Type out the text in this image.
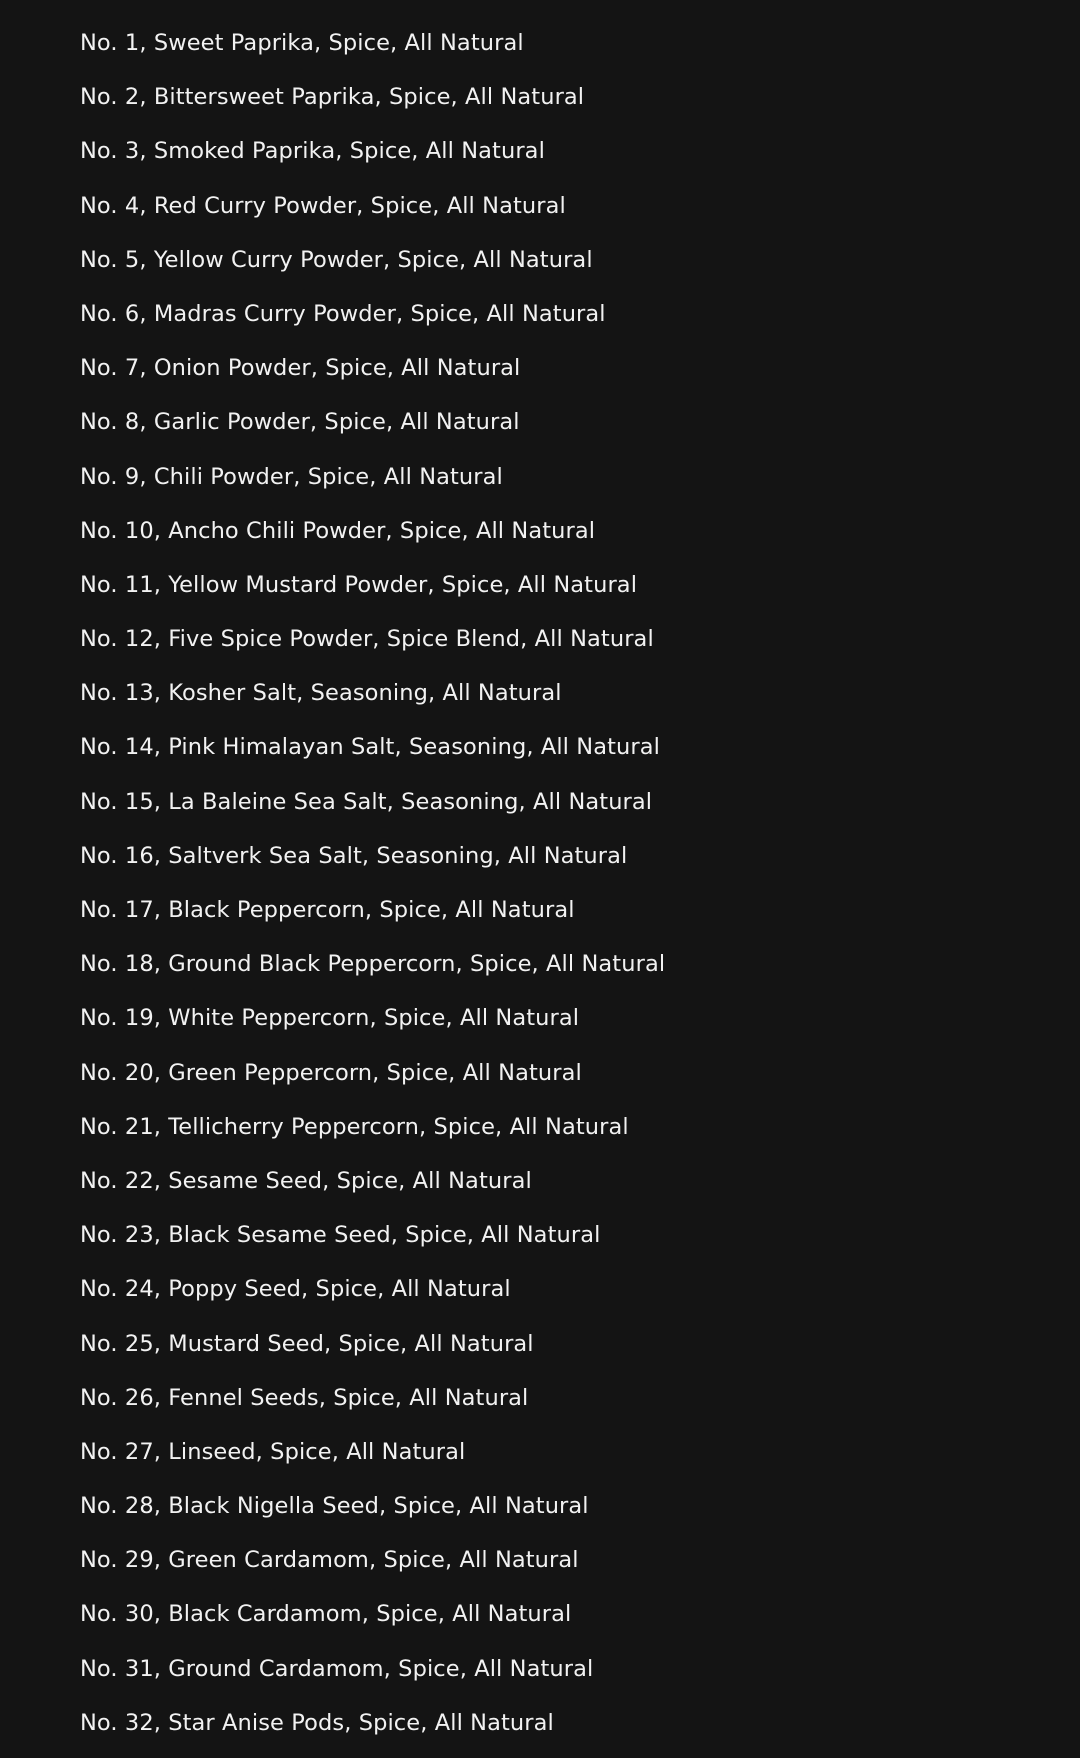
No. 1, Sweet Paprika, Spice, All Natural
No. 2, Bittersweet Paprika, Spice, All Natural
No. 3, Smoked Paprika, Spice, All Natural
No. 4, Red Curry Powder, Spice, All Natural
No. 5, Yellow Curry Powder, Spice, All Natural
No. 6, Madras Curry Powder, Spice, All Natural
No. 7, Onion Powder, Spice, All Natural
No. 8, Garlic Powder, Spice, All Natural
No. 9, Chili Powder, Spice, All Natural
No. 10, Ancho Chili Powder, Spice, All Natural
No. 11, Yellow Mustard Powder, Spice, All Natural
No. 12, Five Spice Powder, Spice Blend, All Natural
No. 13, Kosher Salt, Seasoning, All Natural
No. 14, Pink Himalayan Salt, Seasoning, All Natural
No. 15, La Baleine Sea Salt, Seasoning, All Natural
No. 16, Saltverk Sea Salt, Seasoning, All Natural
No. 17, Black Peppercorn, Spice, All Natural
No. 18, Ground Black Peppercorn, Spice, All Natural
No. 19, White Peppercorn, Spice, All Natural
No. 20, Green Peppercorn, Spice, All Natural
No. 21, Tellicherry Peppercorn, Spice, All Natural
No. 22, Sesame Seed, Spice, All Natural
No. 23, Black Sesame Seed, Spice, All Natural
No. 24, Poppy Seed, Spice, All Natural
No. 25, Mustard Seed, Spice, All Natural
No. 26, Fennel Seeds, Spice, All Natural
No. 27, Linseed, Spice, All Natural
No. 28, Black Nigella Seed, Spice, All Natural
No. 29, Green Cardamom, Spice, All Natural
No. 30, Black Cardamom, Spice, All Natural
No. 31, Ground Cardamom, Spice, All Natural
No. 32, Star Anise Pods, Spice, All Natural
